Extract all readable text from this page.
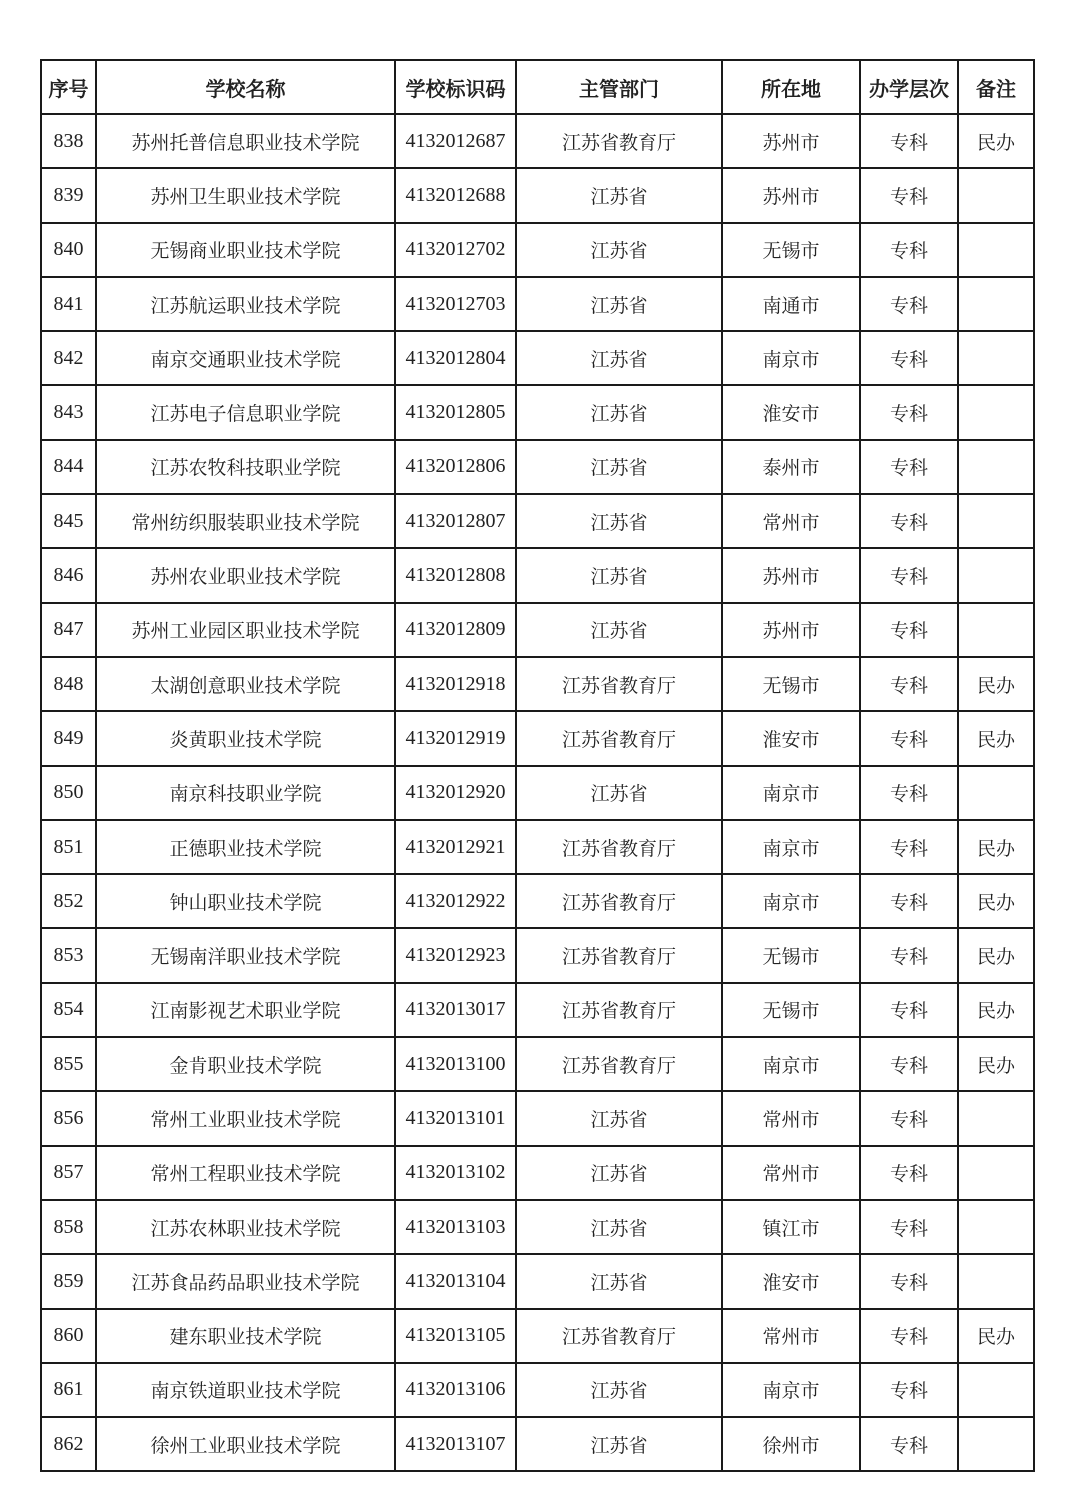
序号	学校名称	学校标识码	主管部门	所在地	办学层次	备注
838	苏州托普信息职业技术学院	4132012687	江苏省教育厅	苏州市	专科	民办
839	苏州卫生职业技术学院	4132012688	江苏省	苏州市	专科	
840	无锡商业职业技术学院	4132012702	江苏省	无锡市	专科	
841	江苏航运职业技术学院	4132012703	江苏省	南通市	专科	
842	南京交通职业技术学院	4132012804	江苏省	南京市	专科	
843	江苏电子信息职业学院	4132012805	江苏省	淮安市	专科	
844	江苏农牧科技职业学院	4132012806	江苏省	泰州市	专科	
845	常州纺织服装职业技术学院	4132012807	江苏省	常州市	专科	
846	苏州农业职业技术学院	4132012808	江苏省	苏州市	专科	
847	苏州工业园区职业技术学院	4132012809	江苏省	苏州市	专科	
848	太湖创意职业技术学院	4132012918	江苏省教育厅	无锡市	专科	民办
849	炎黄职业技术学院	4132012919	江苏省教育厅	淮安市	专科	民办
850	南京科技职业学院	4132012920	江苏省	南京市	专科	
851	正德职业技术学院	4132012921	江苏省教育厅	南京市	专科	民办
852	钟山职业技术学院	4132012922	江苏省教育厅	南京市	专科	民办
853	无锡南洋职业技术学院	4132012923	江苏省教育厅	无锡市	专科	民办
854	江南影视艺术职业学院	4132013017	江苏省教育厅	无锡市	专科	民办
855	金肯职业技术学院	4132013100	江苏省教育厅	南京市	专科	民办
856	常州工业职业技术学院	4132013101	江苏省	常州市	专科	
857	常州工程职业技术学院	4132013102	江苏省	常州市	专科	
858	江苏农林职业技术学院	4132013103	江苏省	镇江市	专科	
859	江苏食品药品职业技术学院	4132013104	江苏省	淮安市	专科	
860	建东职业技术学院	4132013105	江苏省教育厅	常州市	专科	民办
861	南京铁道职业技术学院	4132013106	江苏省	南京市	专科	
862	徐州工业职业技术学院	4132013107	江苏省	徐州市	专科	
